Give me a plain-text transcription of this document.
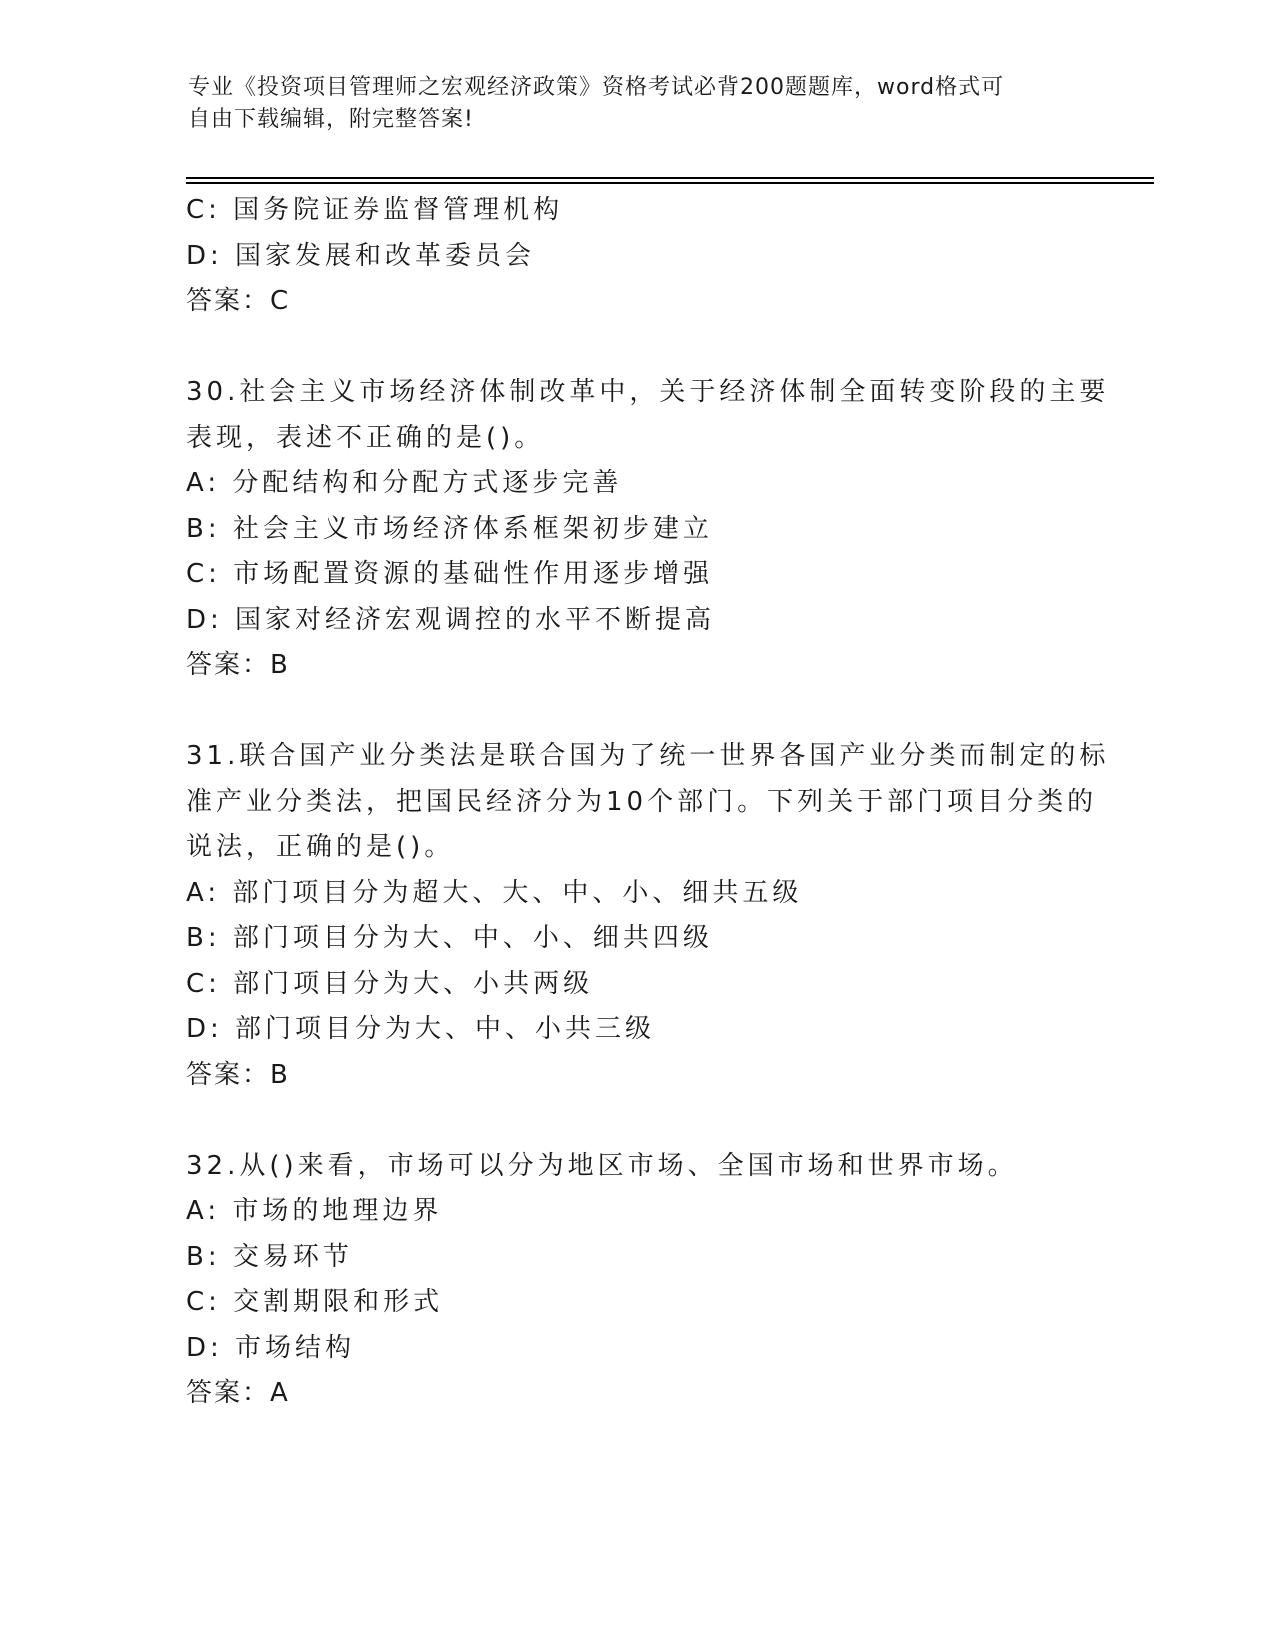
专业《投资项目管理师之宏观经济政策》资格考试必背200题题库，word格式可
自由下载编辑，附完整答案!
C: 国务院证券监督管理机构
D: 国家发展和改革委员会
答案：C
30.社会主义市场经济体制改革中，关于经济体制全面转变阶段的主要
表现，表述不正确的是()。
A: 分配结构和分配方式逐步完善
B: 社会主义市场经济体系框架初步建立
C: 市场配置资源的基础性作用逐步增强
D: 国家对经济宏观调控的水平不断提高
答案：B
31.联合国产业分类法是联合国为了统一世界各国产业分类而制定的标
准产业分类法，把国民经济分为10个部门。下列关于部门项目分类的
说法，正确的是()。
A: 部门项目分为超大、大、中、小、细共五级
B: 部门项目分为大、中、小、细共四级
C: 部门项目分为大、小共两级
D: 部门项目分为大、中、小共三级
答案：B
32.从()来看，市场可以分为地区市场、全国市场和世界市场。
A: 市场的地理边界
B: 交易环节
C: 交割期限和形式
D: 市场结构
答案：A
